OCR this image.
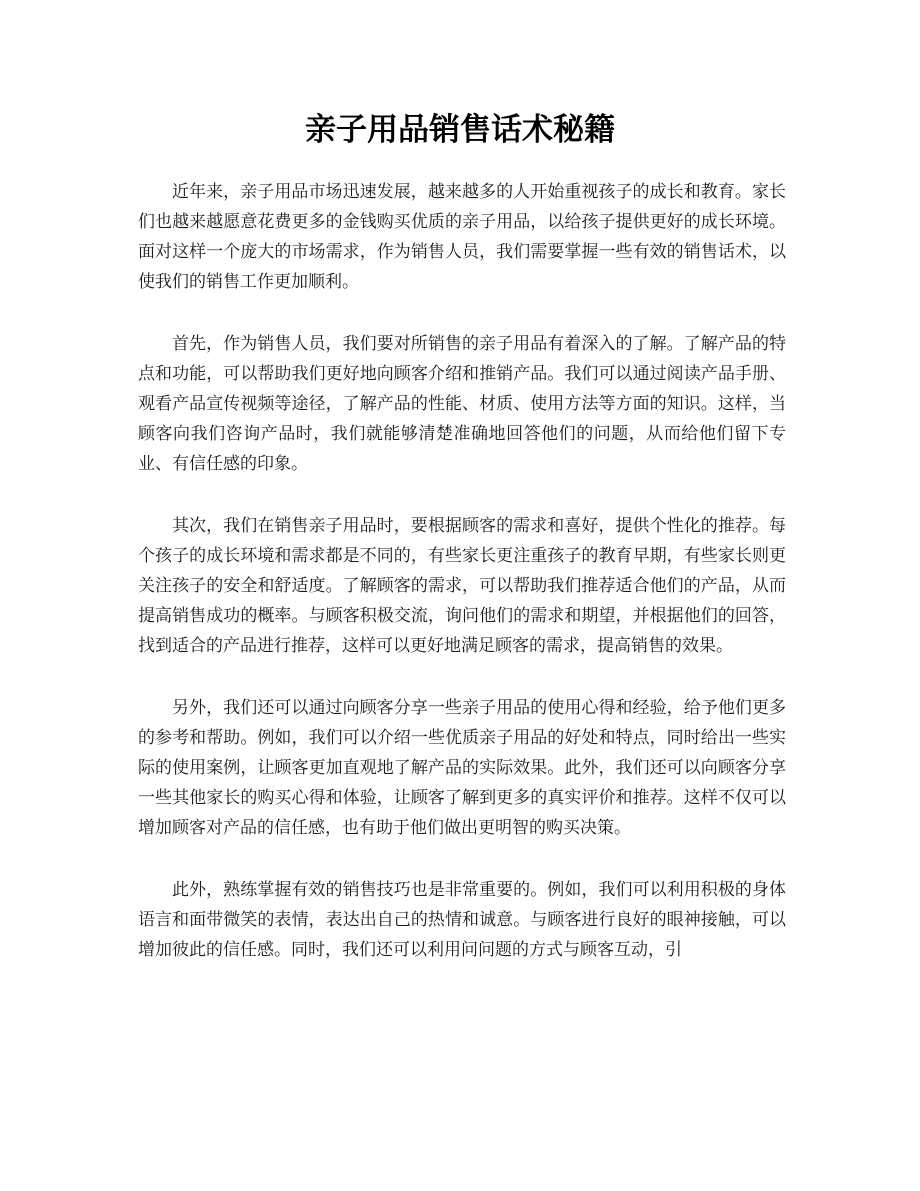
亲子用品销售话术秘籍

近年来，亲子用品市场迅速发展，越来越多的人开始重视孩子的成长和教育。家长们也越来越愿意花费更多的金钱购买优质的亲子用品，以给孩子提供更好的成长环境。面对这样一个庞大的市场需求，作为销售人员，我们需要掌握一些有效的销售话术，以使我们的销售工作更加顺利。

首先，作为销售人员，我们要对所销售的亲子用品有着深入的了解。了解产品的特点和功能，可以帮助我们更好地向顾客介绍和推销产品。我们可以通过阅读产品手册、观看产品宣传视频等途径，了解产品的性能、材质、使用方法等方面的知识。这样，当顾客向我们咨询产品时，我们就能够清楚准确地回答他们的问题，从而给他们留下专业、有信任感的印象。

其次，我们在销售亲子用品时，要根据顾客的需求和喜好，提供个性化的推荐。每个孩子的成长环境和需求都是不同的，有些家长更注重孩子的教育早期，有些家长则更关注孩子的安全和舒适度。了解顾客的需求，可以帮助我们推荐适合他们的产品，从而提高销售成功的概率。与顾客积极交流，询问他们的需求和期望，并根据他们的回答，找到适合的产品进行推荐，这样可以更好地满足顾客的需求，提高销售的效果。

另外，我们还可以通过向顾客分享一些亲子用品的使用心得和经验，给予他们更多的参考和帮助。例如，我们可以介绍一些优质亲子用品的好处和特点，同时给出一些实际的使用案例，让顾客更加直观地了解产品的实际效果。此外，我们还可以向顾客分享一些其他家长的购买心得和体验，让顾客了解到更多的真实评价和推荐。这样不仅可以增加顾客对产品的信任感，也有助于他们做出更明智的购买决策。

此外，熟练掌握有效的销售技巧也是非常重要的。例如，我们可以利用积极的身体语言和面带微笑的表情，表达出自己的热情和诚意。与顾客进行良好的眼神接触，可以增加彼此的信任感。同时，我们还可以利用问问题的方式与顾客互动，引
